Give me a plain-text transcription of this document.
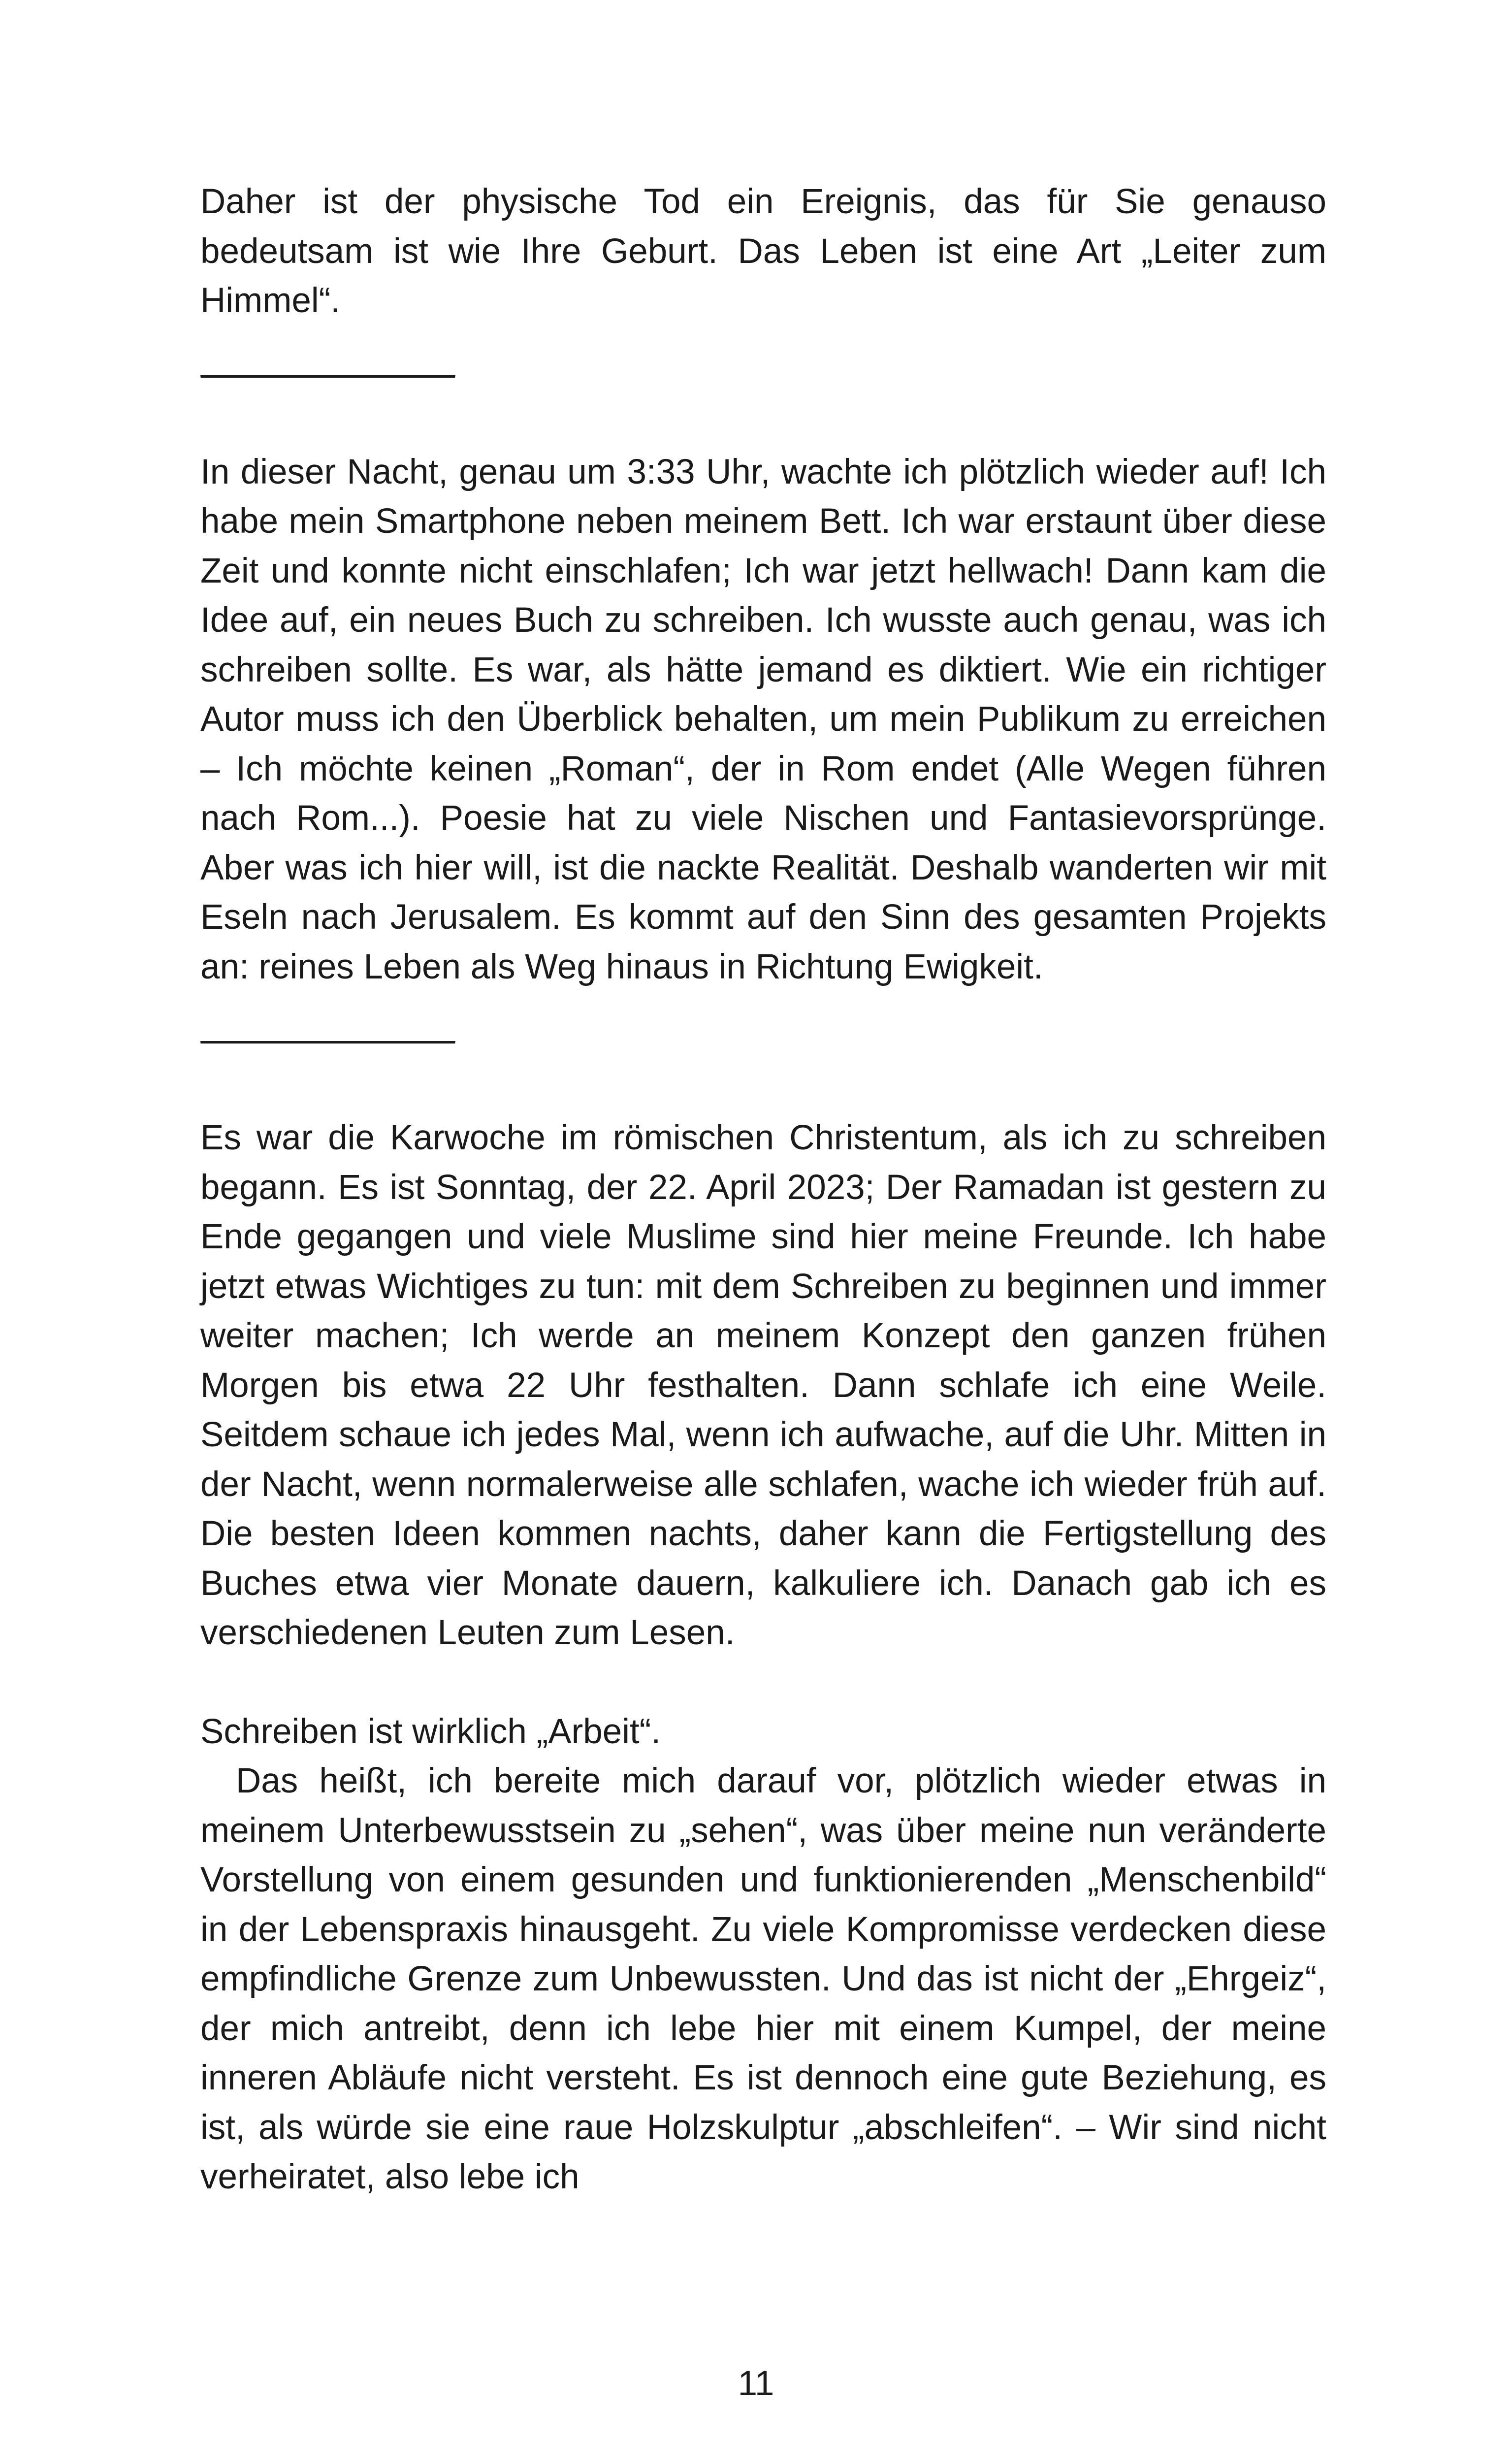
Daher ist der physische Tod ein Ereignis, das für Sie genauso bedeutsam ist wie Ihre Geburt. Das Leben ist eine Art „Leiter zum Himmel“.

In dieser Nacht, genau um 3:33 Uhr, wachte ich plötzlich wieder auf! Ich habe mein Smartphone neben meinem Bett. Ich war erstaunt über diese Zeit und konnte nicht einschlafen; Ich war jetzt hellwach! Dann kam die Idee auf, ein neues Buch zu schreiben. Ich wusste auch genau, was ich schreiben sollte. Es war, als hätte jemand es diktiert. Wie ein richtiger Autor muss ich den Überblick behalten, um mein Publikum zu erreichen – Ich möchte keinen „Roman“, der in Rom endet (Alle Wegen führen nach Rom...). Poesie hat zu viele Nischen und Fantasievorsprünge. Aber was ich hier will, ist die nackte Realität. Deshalb wanderten wir mit Eseln nach Jerusalem. Es kommt auf den Sinn des gesamten Projekts an: reines Leben als Weg hinaus in Richtung Ewigkeit.

Es war die Karwoche im römischen Christentum, als ich zu schreiben begann. Es ist Sonntag, der 22. April 2023; Der Ramadan ist gestern zu Ende gegangen und viele Muslime sind hier meine Freunde. Ich habe jetzt etwas Wichtiges zu tun: mit dem Schreiben zu beginnen und immer weiter machen; Ich werde an meinem Konzept den ganzen frühen Morgen bis etwa 22 Uhr festhalten. Dann schlafe ich eine Weile. Seitdem schaue ich jedes Mal, wenn ich aufwache, auf die Uhr. Mitten in der Nacht, wenn normalerweise alle schlafen, wache ich wieder früh auf. Die besten Ideen kommen nachts, daher kann die Fertigstellung des Buches etwa vier Monate dauern, kalkuliere ich. Danach gab ich es verschiedenen Leuten zum Lesen.

Schreiben ist wirklich „Arbeit“.

Das heißt, ich bereite mich darauf vor, plötzlich wieder etwas in meinem Unterbewusstsein zu „sehen“, was über meine nun veränderte Vorstellung von einem gesunden und funktionierenden „Menschenbild“ in der Lebenspraxis hinausgeht. Zu viele Kompromisse verdecken diese empfindliche Grenze zum Unbewussten. Und das ist nicht der „Ehrgeiz“, der mich antreibt, denn ich lebe hier mit einem Kumpel, der meine inneren Abläufe nicht versteht. Es ist dennoch eine gute Beziehung, es ist, als würde sie eine raue Holzskulptur „abschleifen“. – Wir sind nicht verheiratet, also lebe ich

11
